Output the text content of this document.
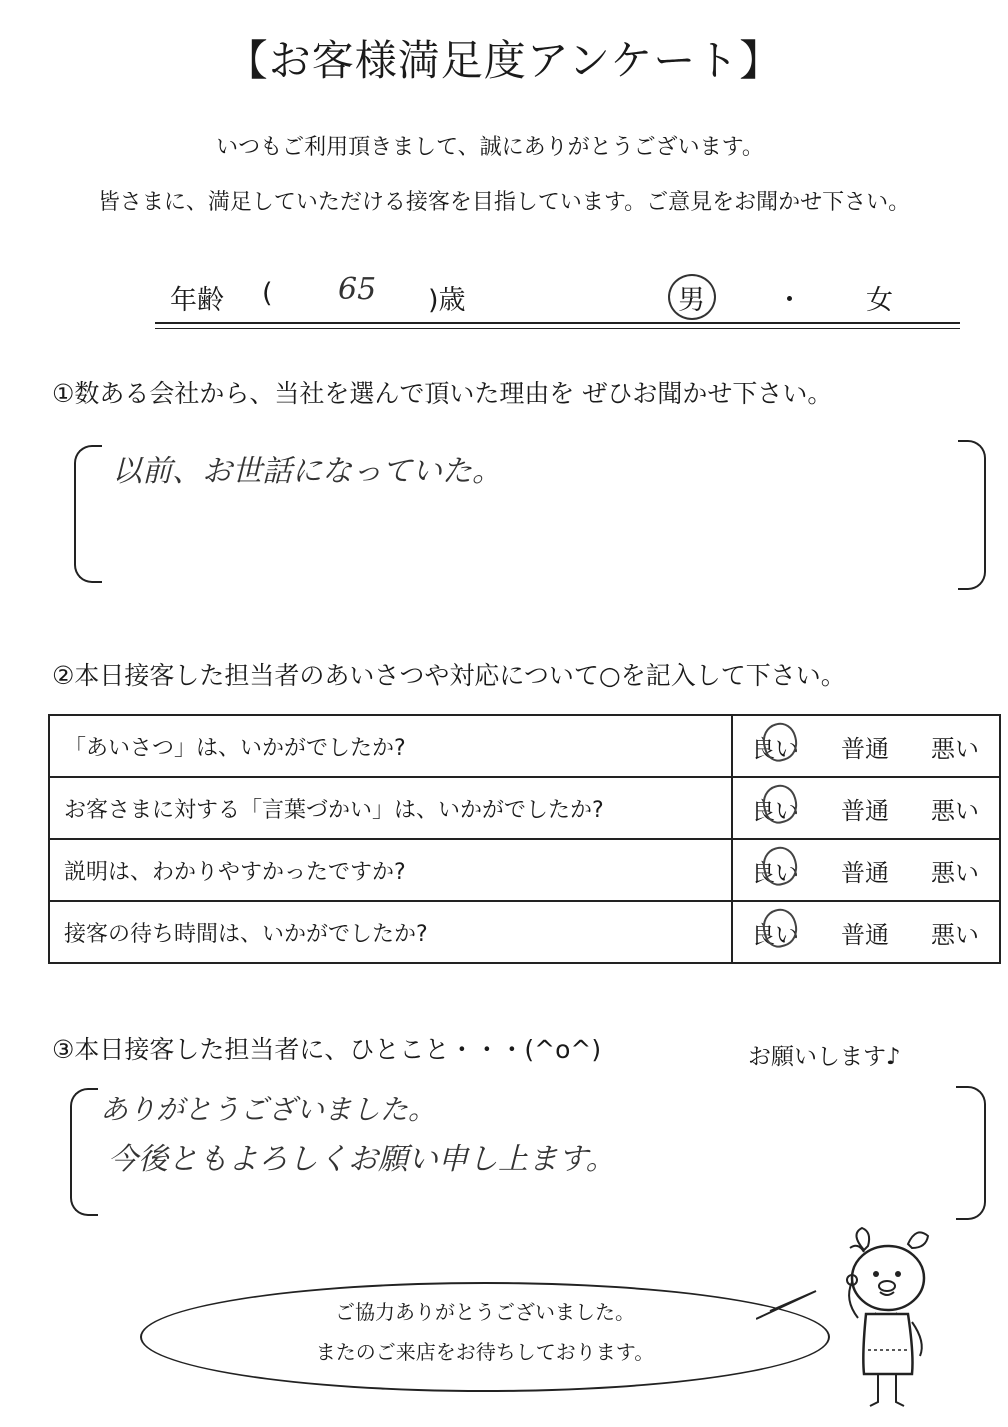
【お客様満足度アンケート】
いつもご利用頂きまして、誠にありがとうございます。
皆さまに、満足していただける接客を目指しています。ご意見をお聞かせ下さい。
年齢 ( 65 )歳	男	・ 女
①数ある会社から、当社を選んで頂いた理由を ぜひお聞かせ下さい。
以前、お世話になっていた。
②本日接客した担当者のあいさつや対応について○を記入して下さい。
「あいさつ」は、いかがでしたか?	良い 普通 悪い

お客さまに対する「言葉づかい」は、いかがでしたか?	良い 普通 悪い

説明は、わかりやすかったですか?	良い 普通 悪い

接客の待ち時間は、いかがでしたか?	良い 普通 悪い
③本日接客した担当者に、ひとこと・・・(^o^)	お願いします♪
ありがとうございました。
今後ともよろしくお願い申し上ます。
ご協力ありがとうございました。
またのご来店をお待ちしております。
